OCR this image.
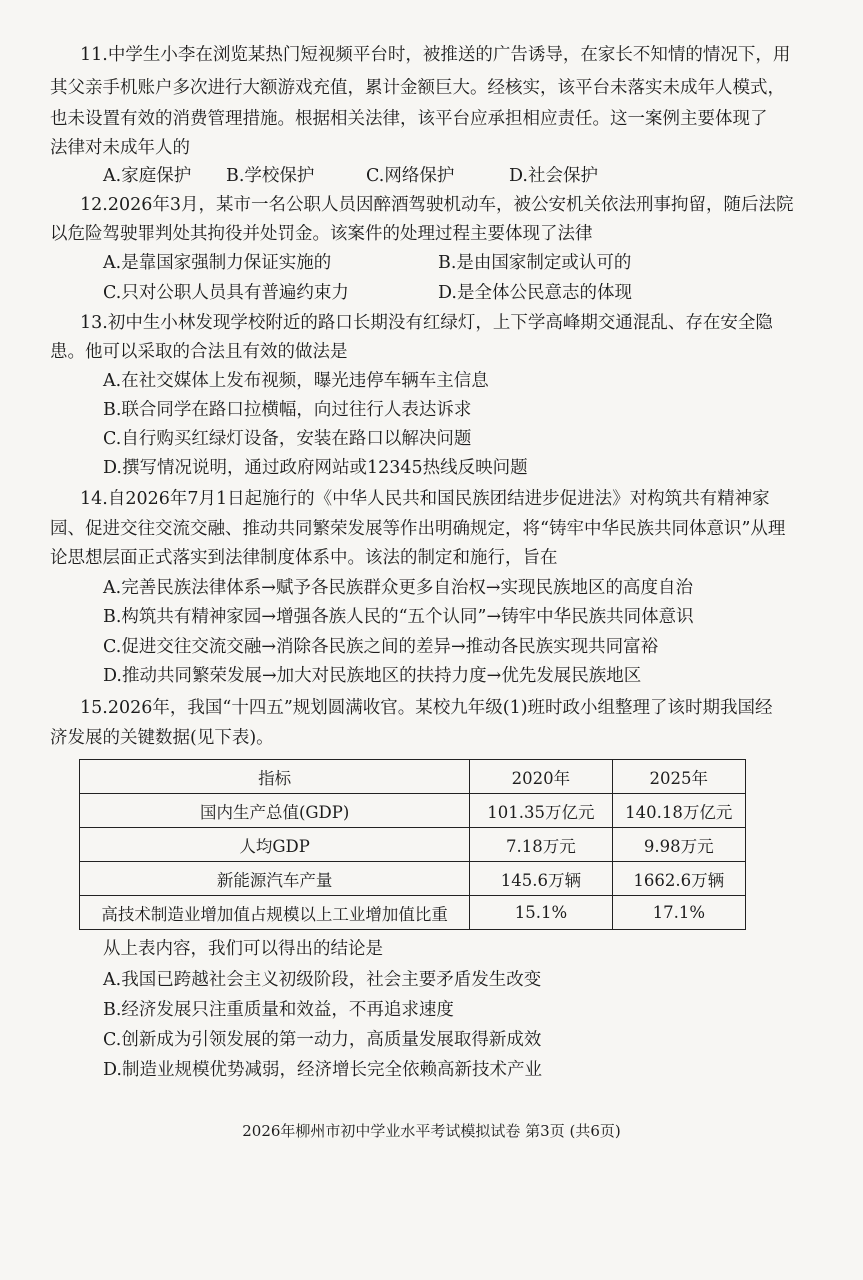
11.中学生小李在浏览某热门短视频平台时，被推送的广告诱导，在家长不知情的情况下，用
其父亲手机账户多次进行大额游戏充值，累计金额巨大。经核实，该平台未落实未成年人模式，
也未设置有效的消费管理措施。根据相关法律，该平台应承担相应责任。这一案例主要体现了
法律对未成年人的
A.家庭保护 B.学校保护	C.网络保护	D.社会保护
12.2026年3月，某市一名公职人员因醉酒驾驶机动车，被公安机关依法刑事拘留，随后法院
以危险驾驶罪判处其拘役并处罚金。该案件的处理过程主要体现了法律
A.是靠国家强制力保证实施的	B.是由国家制定或认可的
C.只对公职人员具有普遍约束力	D.是全体公民意志的体现
13.初中生小林发现学校附近的路口长期没有红绿灯，上下学高峰期交通混乱、存在安全隐
患。他可以采取的合法且有效的做法是
A.在社交媒体上发布视频，曝光违停车辆车主信息
B.联合同学在路口拉横幅，向过往行人表达诉求
C.自行购买红绿灯设备，安装在路口以解决问题
D.撰写情况说明，通过政府网站或12345热线反映问题
14.自2026年7月1日起施行的《中华人民共和国民族团结进步促进法》对构筑共有精神家
园、促进交往交流交融、推动共同繁荣发展等作出明确规定，将“铸牢中华民族共同体意识”从理
论思想层面正式落实到法律制度体系中。该法的制定和施行，旨在
A.完善民族法律体系→赋予各民族群众更多自治权→实现民族地区的高度自治
B.构筑共有精神家园→增强各族人民的“五个认同”→铸牢中华民族共同体意识
C.促进交往交流交融→消除各民族之间的差异→推动各民族实现共同富裕
D.推动共同繁荣发展→加大对民族地区的扶持力度→优先发展民族地区
15.2026年，我国“十四五”规划圆满收官。某校九年级(1)班时政小组整理了该时期我国经
济发展的关键数据(见下表)。
指标	2020年	2025年
国内生产总值(GDP)	101.35万亿元	140.18万亿元
人均GDP	7.18万元	9.98万元
新能源汽车产量	145.6万辆	1662.6万辆
高技术制造业增加值占规模以上工业增加值比重	15.1%	17.1%
从上表内容，我们可以得出的结论是
A.我国已跨越社会主义初级阶段，社会主要矛盾发生改变
B.经济发展只注重质量和效益，不再追求速度
C.创新成为引领发展的第一动力，高质量发展取得新成效
D.制造业规模优势减弱，经济增长完全依赖高新技术产业
2026年柳州市初中学业水平考试模拟试卷 第3页 (共6页)
